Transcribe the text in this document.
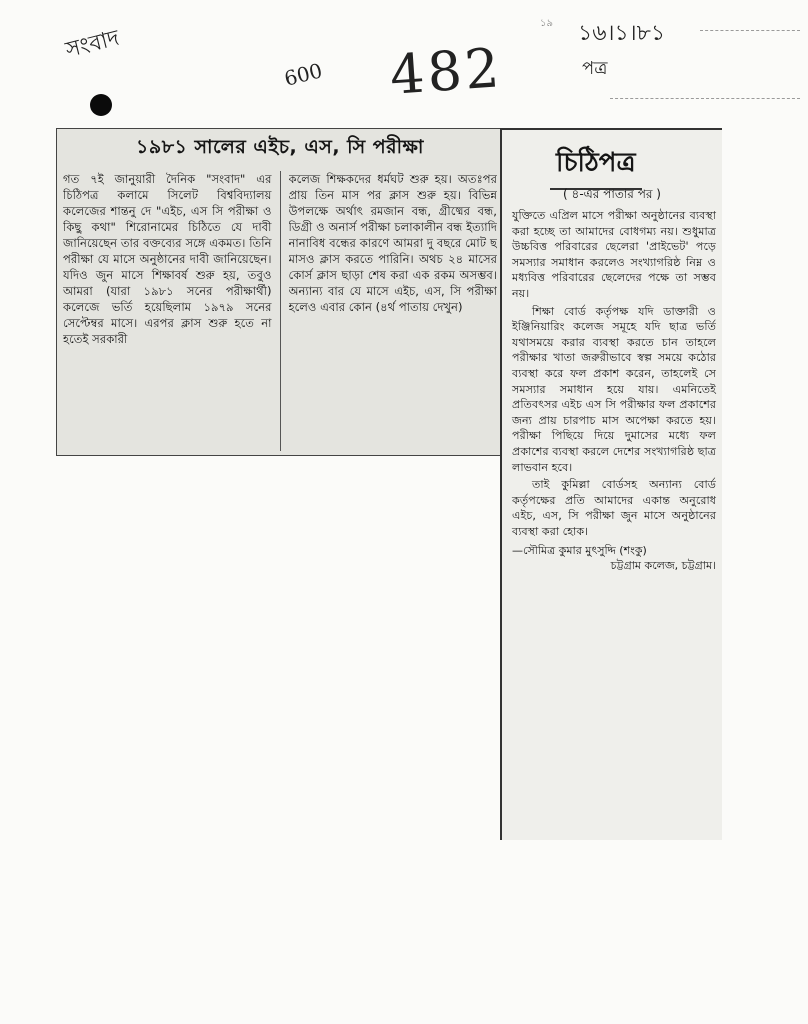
সংবাদ
009 482
১৯ ১৬।১।৮১
পত্র
১৯৮১ সালের এইচ, এস, সি পরীক্ষা
গত ৭ই জানুয়ারী দৈনিক "সংবাদ" এর চিঠিপত্র কলামে সিলেট বিশ্ববিদ্যালয় কলেজের শান্তনু দে "এইচ, এস সি পরীক্ষা ও কিছু কথা" শিরোনামের চিঠিতে যে দাবী জানিয়েছেন তার বক্তব্যের সঙ্গে একমত। তিনি পরীক্ষা যে মাসে অনুষ্ঠানের দাবী জানিয়েছেন। যদিও জুন মাসে শিক্ষাবর্ষ শুরু হয়, তবুও আমরা (যারা ১৯৮১ সনের পরীক্ষার্থী) কলেজে ভর্তি হয়েছিলাম ১৯৭৯ সনের সেপ্টেম্বর মাসে। এরপর ক্লাস শুরু হতে না হতেই সরকারী
কলেজ শিক্ষকদের ধর্মঘট শুরু হয়। অতঃপর প্রায় তিন মাস পর ক্লাস শুরু হয়। বিভিন্ন উপলক্ষে অর্থাৎ রমজান বন্ধ, গ্রীষ্মের বন্ধ, ডিগ্রী ও অনার্স পরীক্ষা চলাকালীন বন্ধ ইত্যাদি নানাবিধ বন্ধের কারণে আমরা দু বছরে মোট ছ মাসও ক্লাস করতে পারিনি। অথচ ২৪ মাসের কোর্স ক্লাস ছাড়া শেষ করা এক রকম অসম্ভব। অন্যান্য বার যে মাসে এইচ, এস, সি পরীক্ষা হলেও এবার কোন (৪র্থ পাতায় দেখুন)
চিঠিপত্র
( ৪-এর পাতার পর )

যুক্তিতে এপ্রিল মাসে পরীক্ষা অনুষ্ঠানের ব্যবস্থা করা হচ্ছে তা আমাদের বোধগম্য নয়। শুধুমাত্র উচ্চবিত্ত পরিবারের ছেলেরা 'প্রাইভেট' পড়ে সমস্যার সমাধান করলেও সংখ্যাগরিষ্ঠ নিম্ন ও মধ্যবিত্ত পরিবারের ছেলেদের পক্ষে তা সম্ভব নয়।

শিক্ষা বোর্ড কর্তৃপক্ষ যদি ডাক্তারী ও ইঞ্জিনিয়ারিং কলেজ সমূহে যদি ছাত্র ভর্তি যথাসময়ে করার ব্যবস্থা করতে চান তাহলে পরীক্ষার খাতা জরুরীভাবে স্বল্প সময়ে কঠোর ব্যবস্থা করে ফল প্রকাশ করেন, তাহলেই সে সমস্যার সমাধান হয়ে যায়। এমনিতেই প্রতিবৎসর এইচ এস সি পরীক্ষার ফল প্রকাশের জন্য প্রায় চারপাচ মাস অপেক্ষা করতে হয়। পরীক্ষা পিছিয়ে দিয়ে দুমাসের মধ্যে ফল প্রকাশের ব্যবস্থা করলে দেশের সংখ্যাগরিষ্ঠ ছাত্র লাভবান হবে।

তাই কুমিল্লা বোর্ডসহ অন্যান্য বোর্ড কর্তৃপক্ষের প্রতি আমাদের একান্ত অনুরোধ এইচ, এস, সি পরীক্ষা জুন মাসে অনুষ্ঠানের ব্যবস্থা করা হোক।

—সৌমিত্র কুমার মুৎসুদ্দি (শংকু)
চট্টগ্রাম কলেজ, চট্টগ্রাম।
